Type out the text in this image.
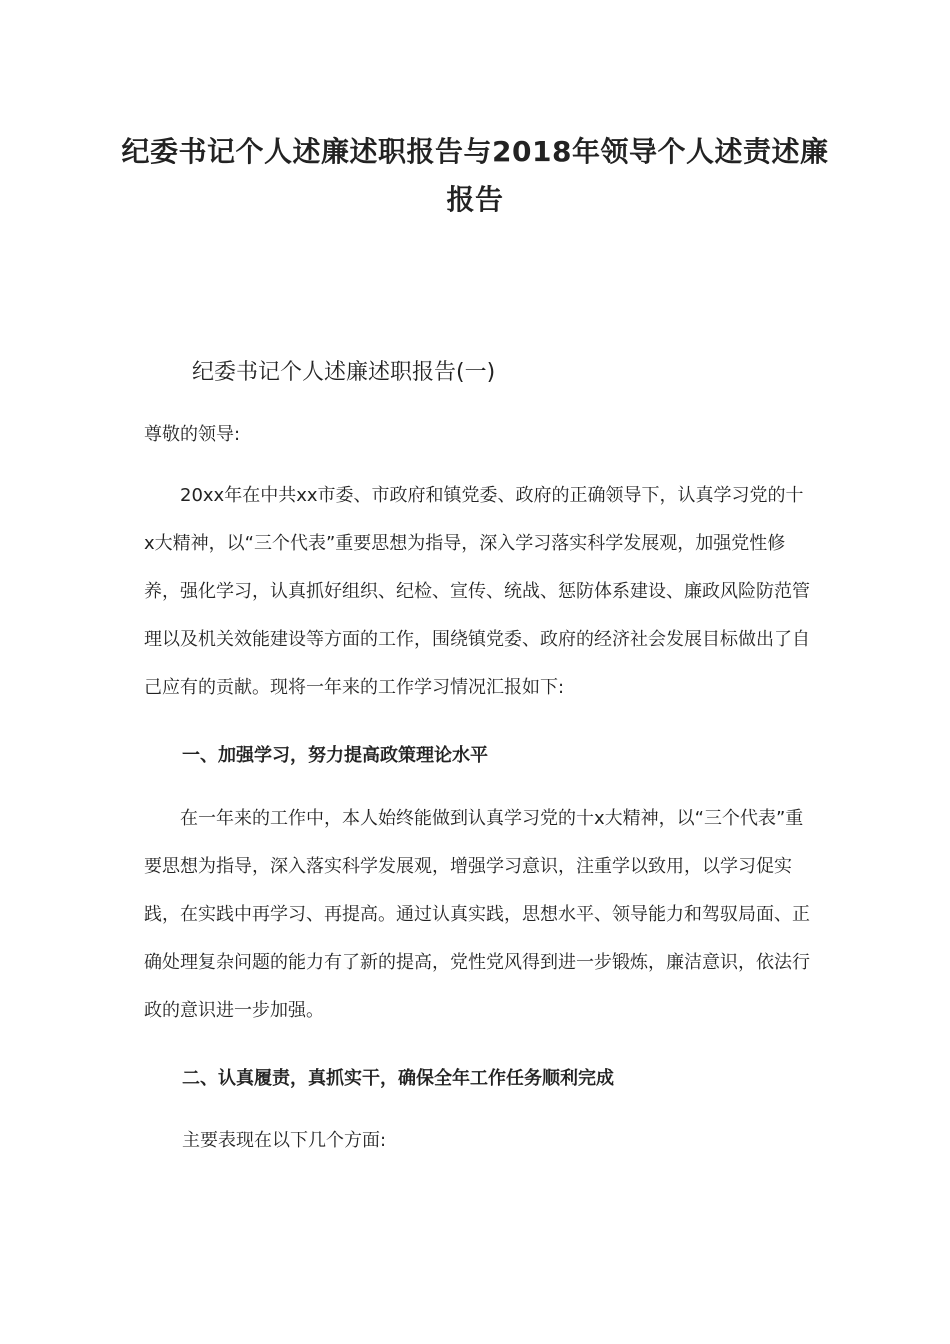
纪委书记个人述廉述职报告与2018年领导个人述责述廉报告
纪委书记个人述廉述职报告(一)
尊敬的领导:
20xx年在中共xx市委、市政府和镇党委、政府的正确领导下，认真学习党的十x大精神，以“三个代表”重要思想为指导，深入学习落实科学发展观，加强党性修养，强化学习，认真抓好组织、纪检、宣传、统战、惩防体系建设、廉政风险防范管理以及机关效能建设等方面的工作，围绕镇党委、政府的经济社会发展目标做出了自己应有的贡献。现将一年来的工作学习情况汇报如下:
一、加强学习，努力提高政策理论水平
在一年来的工作中，本人始终能做到认真学习党的十x大精神，以“三个代表”重要思想为指导，深入落实科学发展观，增强学习意识，注重学以致用，以学习促实践，在实践中再学习、再提高。通过认真实践，思想水平、领导能力和驾驭局面、正确处理复杂问题的能力有了新的提高，党性党风得到进一步锻炼，廉洁意识，依法行政的意识进一步加强。
二、认真履责，真抓实干，确保全年工作任务顺利完成
主要表现在以下几个方面:
